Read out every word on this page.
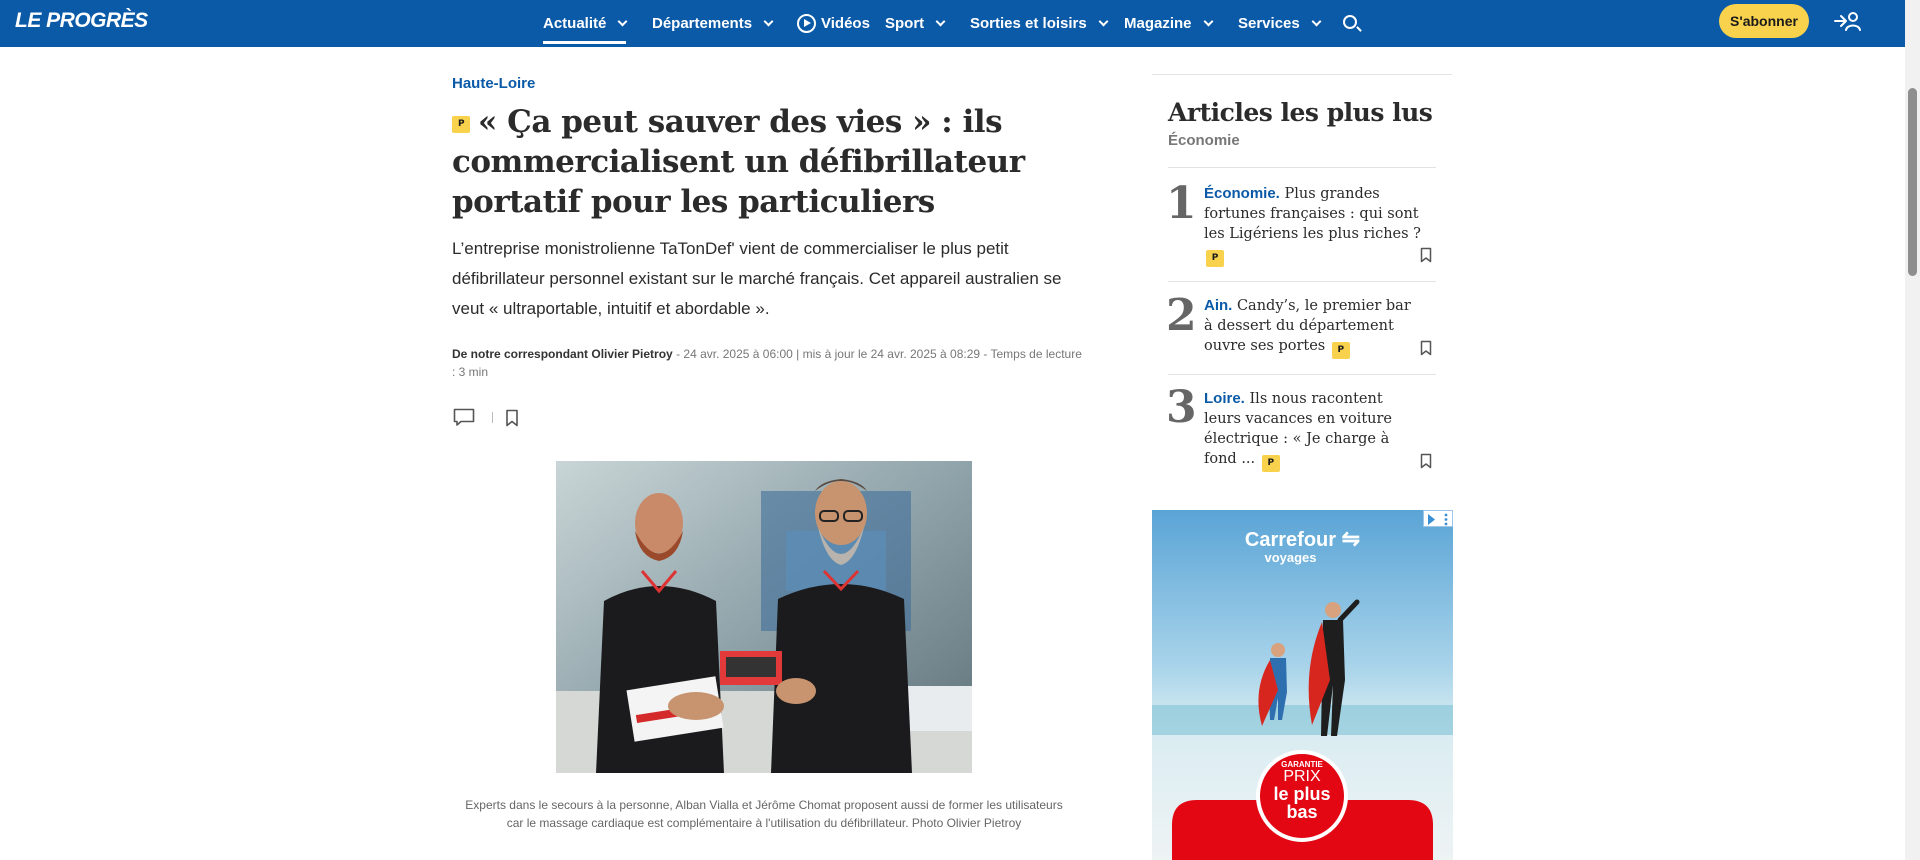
LE PROGRÈS	Actualité	Départements	Vidéos Sport	Sorties et loisirs Magazine	Services	S'abonner
Haute-Loire
P « Ça peut sauver des vies » : ils commercialisent un défibrillateur portatif pour les particuliers

L’entreprise monistrolienne TaTonDef' vient de commercialiser le plus petit défibrillateur personnel existant sur le marché français. Cet appareil australien se veut « ultraportable, intuitif et abordable ».

De notre correspondant Olivier Pietroy - 24 avr. 2025 à 06:00 | mis à jour le 24 avr. 2025 à 08:29 - Temps de lecture : 3 min

Experts dans le secours à la personne, Alban Vialla et Jérôme Chomat proposent aussi de former les utilisateurs car le massage cardiaque est complémentaire à l'utilisation du défibrillateur. Photo Olivier Pietroy

Articles les plus lus
Économie
1 Économie. Plus grandes fortunes françaises : qui sont les Ligériens les plus riches ? P
2 Ain. Candy’s, le premier bar à dessert du département ouvre ses portes P
3 Loire. Ils nous racontent leurs vacances en voiture électrique : « Je charge à fond ... P
Carrefour ⇋
voyages
GARANTIE
PRIX
le plus
bas
